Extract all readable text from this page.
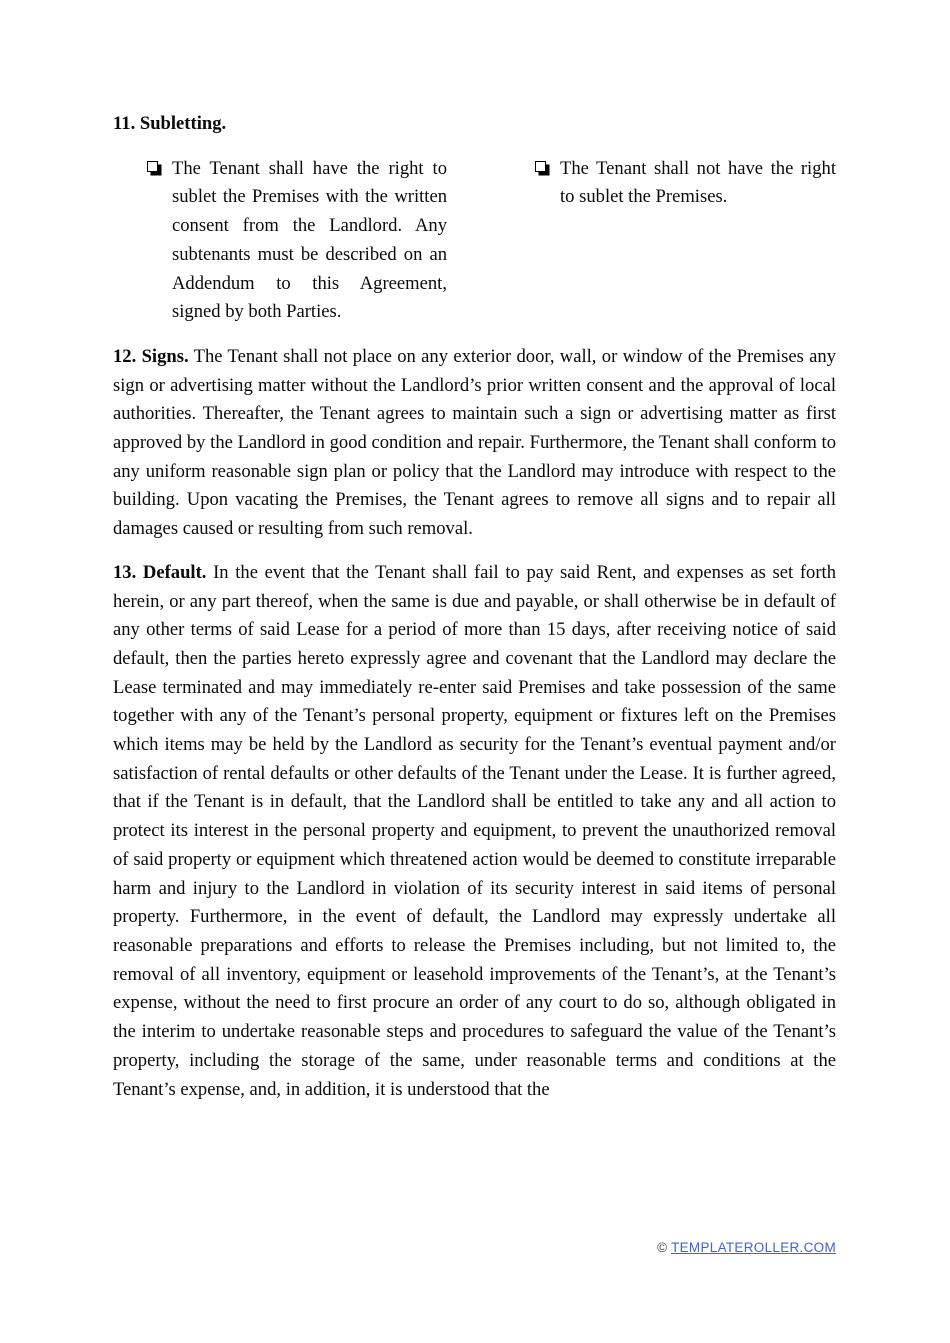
11. Subletting.
The Tenant shall have the right to sublet the Premises with the written consent from the Landlord. Any subtenants must be described on an Addendum to this Agreement, signed by both Parties.
The Tenant shall not have the right to sublet the Premises.

12. Signs. The Tenant shall not place on any exterior door, wall, or window of the Premises any sign or advertising matter without the Landlord’s prior written consent and the approval of local authorities. Thereafter, the Tenant agrees to maintain such a sign or advertising matter as first approved by the Landlord in good condition and repair. Furthermore, the Tenant shall conform to any uniform reasonable sign plan or policy that the Landlord may introduce with respect to the building. Upon vacating the Premises, the Tenant agrees to remove all signs and to repair all damages caused or resulting from such removal.

13. Default. In the event that the Tenant shall fail to pay said Rent, and expenses as set forth herein, or any part thereof, when the same is due and payable, or shall otherwise be in default of any other terms of said Lease for a period of more than 15 days, after receiving notice of said default, then the parties hereto expressly agree and covenant that the Landlord may declare the Lease terminated and may immediately re-enter said Premises and take possession of the same together with any of the Tenant’s personal property, equipment or fixtures left on the Premises which items may be held by the Landlord as security for the Tenant’s eventual payment and/or satisfaction of rental defaults or other defaults of the Tenant under the Lease. It is further agreed, that if the Tenant is in default, that the Landlord shall be entitled to take any and all action to protect its interest in the personal property and equipment, to prevent the unauthorized removal of said property or equipment which threatened action would be deemed to constitute irreparable harm and injury to the Landlord in violation of its security interest in said items of personal property. Furthermore, in the event of default, the Landlord may expressly undertake all reasonable preparations and efforts to release the Premises including, but not limited to, the removal of all inventory, equipment or leasehold improvements of the Tenant’s, at the Tenant’s expense, without the need to first procure an order of any court to do so, although obligated in the interim to undertake reasonable steps and procedures to safeguard the value of the Tenant’s property, including the storage of the same, under reasonable terms and conditions at the Tenant’s expense, and, in addition, it is understood that the

© TEMPLATEROLLER.COM
